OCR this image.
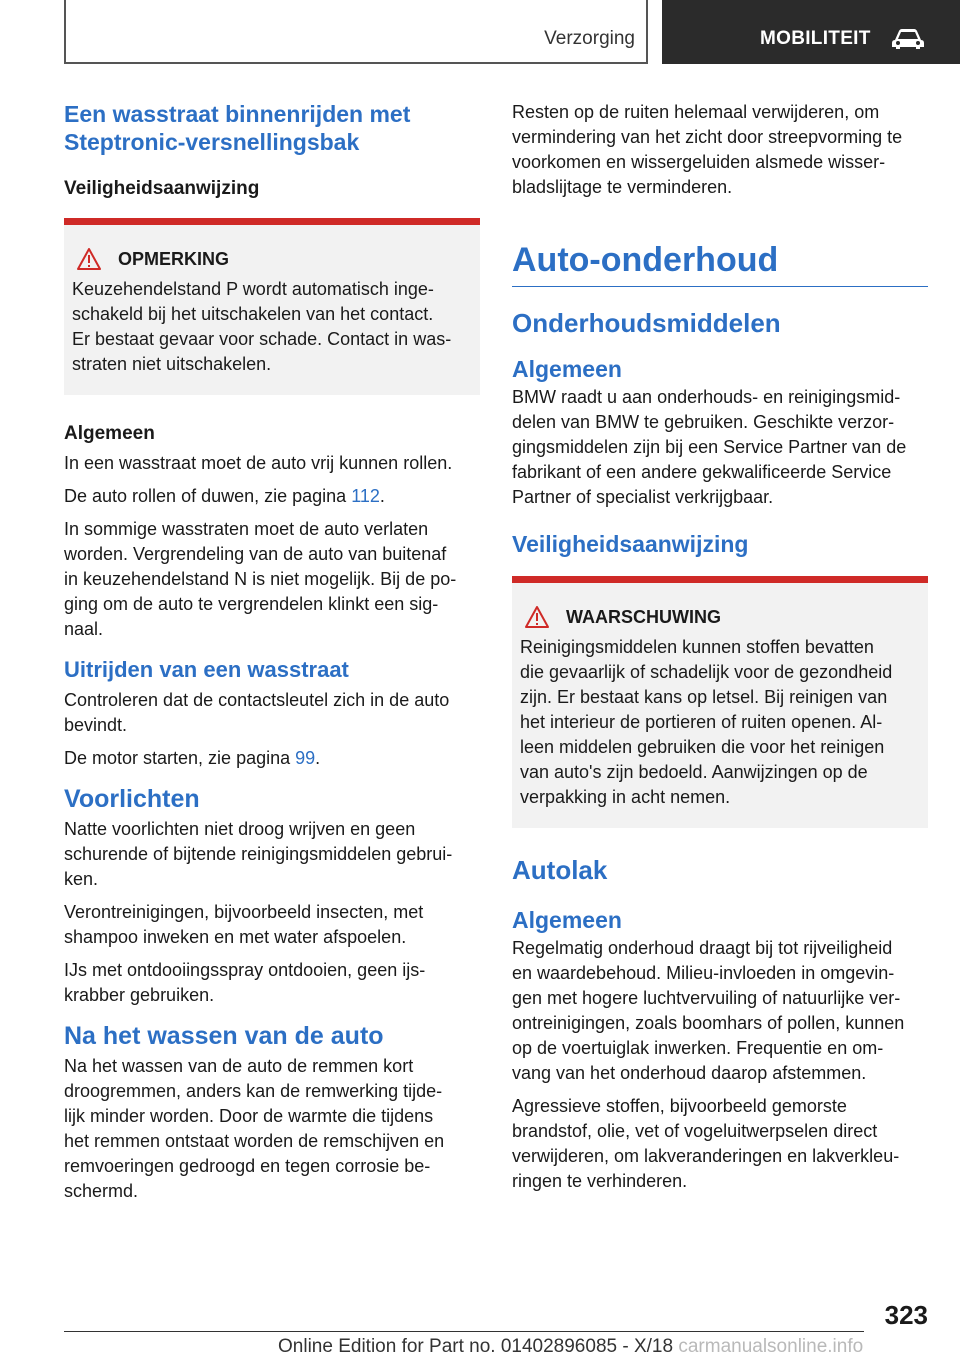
Verzorging	MOBILITEIT
Een wasstraat binnenrijden met
Steptronic-versnellingsbak
Veiligheidsaanwijzing
OPMERKING

Keuzehendelstand P wordt automatisch inge-
schakeld bij het uitschakelen van het contact.
Er bestaat gevaar voor schade. Contact in was-
straten niet uitschakelen.

Algemeen

In een wasstraat moet de auto vrij kunnen rollen.

De auto rollen of duwen, zie pagina 112.

In sommige wasstraten moet de auto verlaten
worden. Vergrendeling van de auto van buitenaf
in keuzehendelstand N is niet mogelijk. Bij de po-
ging om de auto te vergrendelen klinkt een sig-
naal.

Uitrijden van een wasstraat

Controleren dat de contactsleutel zich in de auto
bevindt.

De motor starten, zie pagina 99.

Voorlichten

Natte voorlichten niet droog wrijven en geen
schurende of bijtende reinigingsmiddelen gebrui-
ken.

Verontreinigingen, bijvoorbeeld insecten, met
shampoo inweken en met water afspoelen.

IJs met ontdooiingsspray ontdooien, geen ijs-
krabber gebruiken.

Na het wassen van de auto

Na het wassen van de auto de remmen kort
droogremmen, anders kan de remwerking tijde-
lijk minder worden. Door de warmte die tijdens
het remmen ontstaat worden de remschijven en
remvoeringen gedroogd en tegen corrosie be-
schermd.

Resten op de ruiten helemaal verwijderen, om
vermindering van het zicht door streepvorming te
voorkomen en wissergeluiden alsmede wisser-
bladslijtage te verminderen.

Auto-onderhoud
Onderhoudsmiddelen
Algemeen

BMW raadt u aan onderhouds- en reinigingsmid-
delen van BMW te gebruiken. Geschikte verzor-
gingsmiddelen zijn bij een Service Partner van de
fabrikant of een andere gekwalificeerde Service
Partner of specialist verkrijgbaar.

Veiligheidsaanwijzing
WAARSCHUWING

Reinigingsmiddelen kunnen stoffen bevatten
die gevaarlijk of schadelijk voor de gezondheid
zijn. Er bestaat kans op letsel. Bij reinigen van
het interieur de portieren of ruiten openen. Al-
leen middelen gebruiken die voor het reinigen
van auto's zijn bedoeld. Aanwijzingen op de
verpakking in acht nemen.

Autolak
Algemeen

Regelmatig onderhoud draagt bij tot rijveiligheid
en waardebehoud. Milieu-invloeden in omgevin-
gen met hogere luchtvervuiling of natuurlijke ver-
ontreinigingen, zoals boomhars of pollen, kunnen
op de voertuiglak inwerken. Frequentie en om-
vang van het onderhoud daarop afstemmen.

Agressieve stoffen, bijvoorbeeld gemorste
brandstof, olie, vet of vogeluitwerpselen direct
verwijderen, om lakveranderingen en lakverkleu-
ringen te verhinderen.

323
Online Edition for Part no. 01402896085 - X/18 carmanualsonline.info
